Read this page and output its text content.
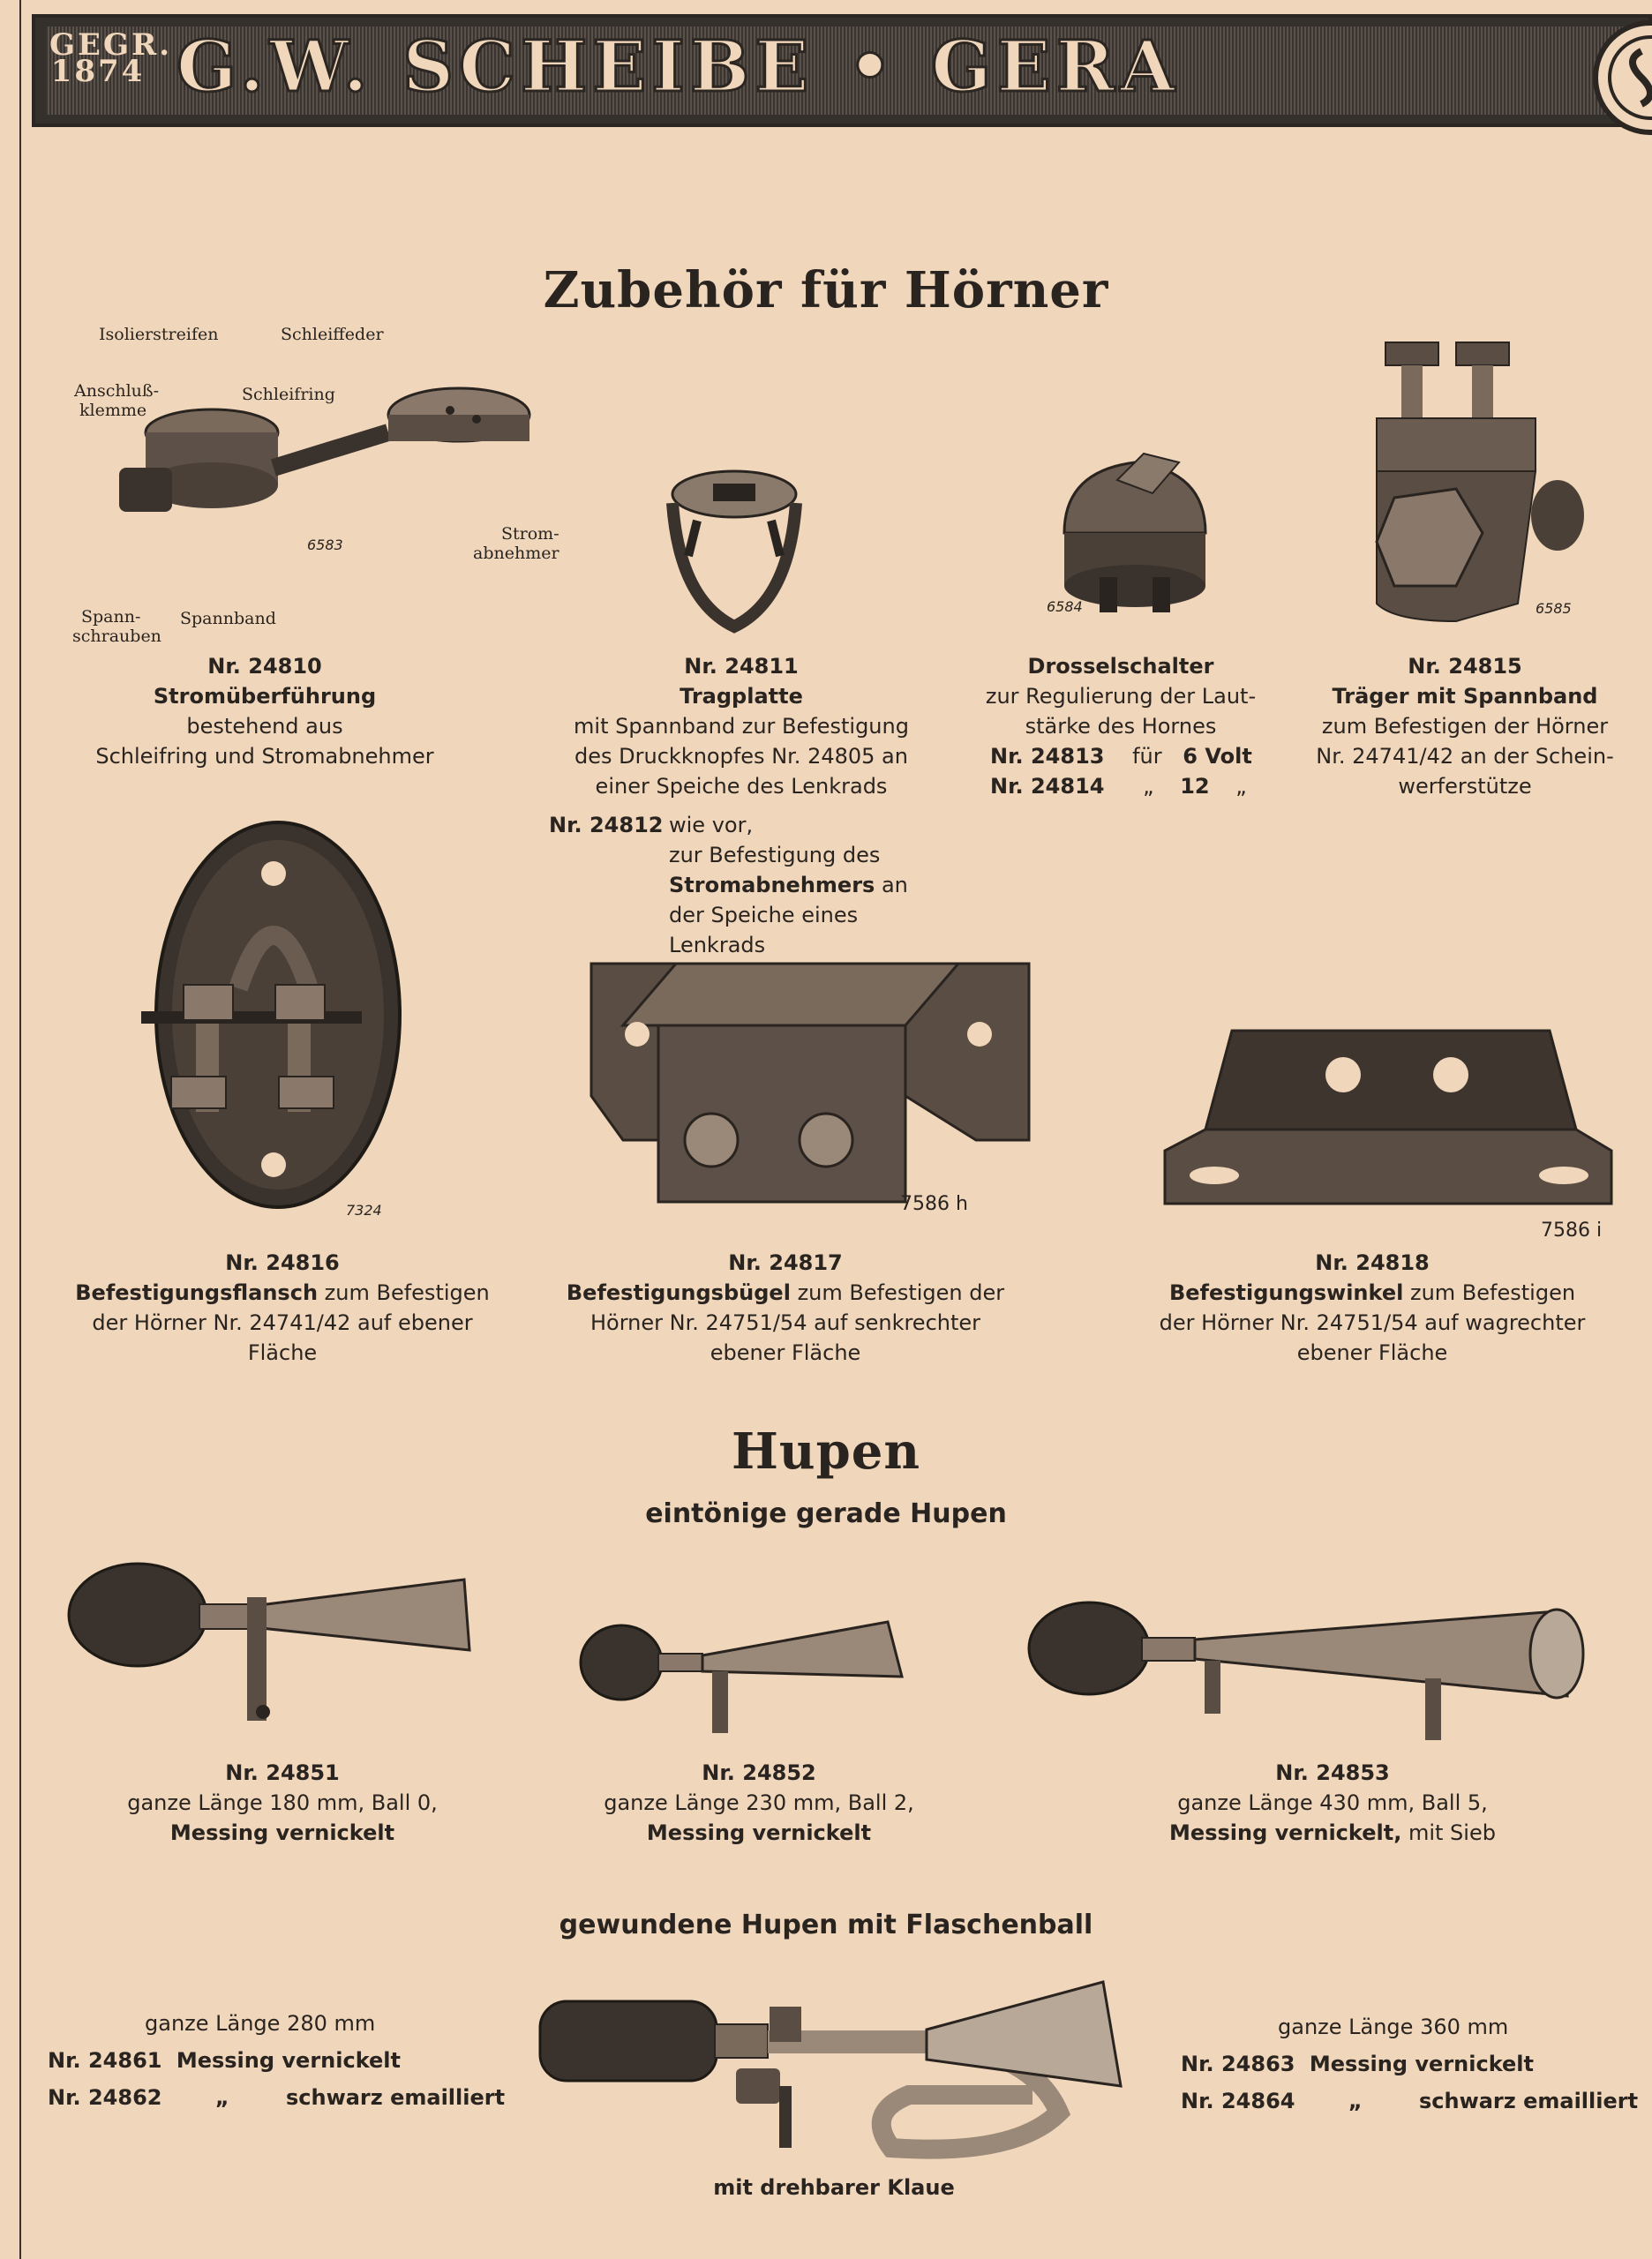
GEGR.
1874 G.W. SCHEIBE • GERA
Zubehör für Hörner
Isolierstreifen	Schleiffeder
Anschluß-
klemme
Schleifring
Strom-
abnehmer
Spann-
schrauben
Spannband
6583
Nr. 24810
Stromüberführung
bestehend aus
Schleifring und Stromabnehmer
Nr. 24811
Tragplatte
mit Spannband zur Befestigung
des Druckknopfes Nr. 24805 an
einer Speiche des Lenkrads
Nr. 24812 wie vor,
zur Befestigung des
Stromabnehmers an
der Speiche eines
Lenkrads
6584
Drosselschalter
zur Regulierung der Laut-
stärke des Hornes
Nr. 24813 für 6 Volt
Nr. 24814 „ 12 „
6585
Nr. 24815
Träger mit Spannband
zum Befestigen der Hörner
Nr. 24741/42 an der Schein-
werferstütze
7324
Nr. 24816
Befestigungsflansch zum Befestigen
der Hörner Nr. 24741/42 auf ebener
Fläche
7586 h
Nr. 24817
Befestigungsbügel zum Befestigen der
Hörner Nr. 24751/54 auf senkrechter
ebener Fläche
7586 i
Nr. 24818
Befestigungswinkel zum Befestigen
der Hörner Nr. 24751/54 auf wagrechter
ebener Fläche
Hupen
eintönige gerade Hupen
Nr. 24851
ganze Länge 180 mm, Ball 0,
Messing vernickelt
Nr. 24852
ganze Länge 230 mm, Ball 2,
Messing vernickelt
Nr. 24853
ganze Länge 430 mm, Ball 5,
Messing vernickelt, mit Sieb
gewundene Hupen mit Flaschenball
ganze Länge 280 mm
Nr. 24861 Messing vernickelt
Nr. 24862	„	schwarz emailliert
mit drehbarer Klaue
ganze Länge 360 mm
Nr. 24863 Messing vernickelt
Nr. 24864	„	schwarz emailliert
